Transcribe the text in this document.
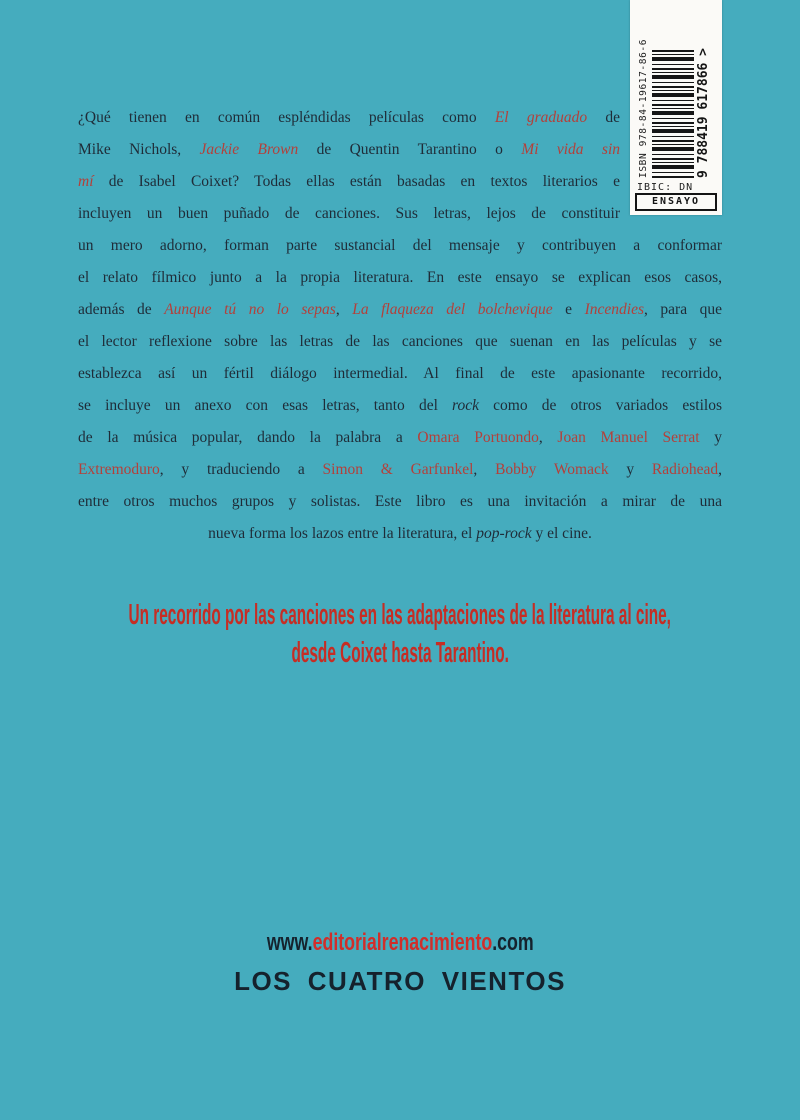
ISBN 978-84-19617-86-6	9
788419
617866
>
IBIC: DN
ENSAYO
¿Qué tienen en común espléndidas películas como El graduado de
Mike Nichols, Jackie Brown de Quentin Tarantino o Mi vida sin
mí de Isabel Coixet? Todas ellas están basadas en textos literarios e
incluyen un buen puñado de canciones. Sus letras, lejos de constituir
un mero adorno, forman parte sustancial del mensaje y contribuyen a conformar
el relato fílmico junto a la propia literatura. En este ensayo se explican esos casos,
además de Aunque tú no lo sepas, La flaqueza del bolchevique e Incendies, para que
el lector reflexione sobre las letras de las canciones que suenan en las películas y se
establezca así un fértil diálogo intermedial. Al final de este apasionante recorrido,
se incluye un anexo con esas letras, tanto del rock como de otros variados estilos
de la música popular, dando la palabra a Omara Portuondo, Joan Manuel Serrat y
Extremoduro, y traduciendo a Simon & Garfunkel, Bobby Womack y Radiohead,
entre otros muchos grupos y solistas. Este libro es una invitación a mirar de una
nueva forma los lazos entre la literatura, el pop-rock y el cine.
Un recorrido por las canciones en las adaptaciones de la literatura al cine,
desde Coixet hasta Tarantino.
www.editorialrenacimiento.com
LOS CUATRO VIENTOS
